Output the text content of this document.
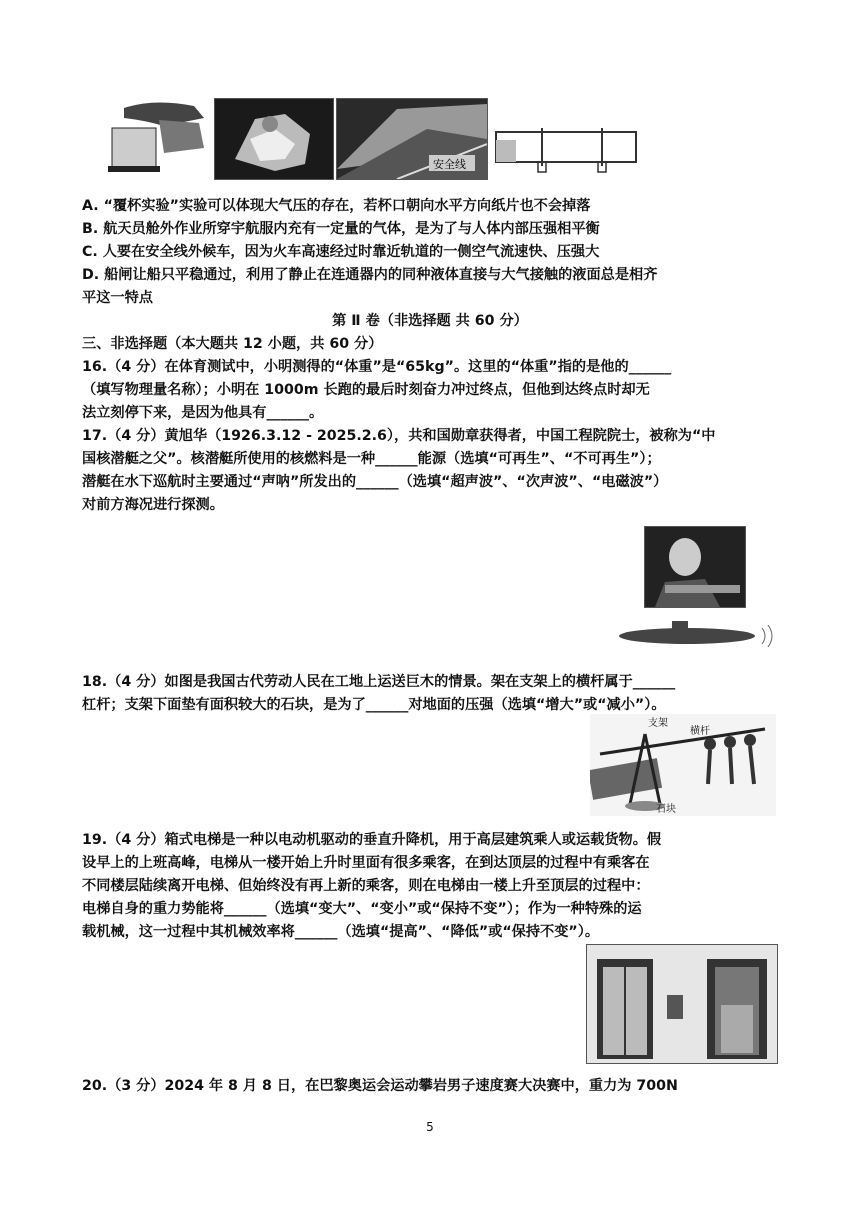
安全线
A. “覆杯实验”实验可以体现大气压的存在，若杯口朝向水平方向纸片也不会掉落
B. 航天员舱外作业所穿宇航服内充有一定量的气体，是为了与人体内部压强相平衡
C. 人要在安全线外候车，因为火车高速经过时靠近轨道的一侧空气流速快、压强大
D. 船闸让船只平稳通过，利用了静止在连通器内的同种液体直接与大气接触的液面总是相齐
平这一特点
第 Ⅱ 卷（非选择题 共 60 分）
三、非选择题（本大题共 12 小题，共 60 分）
16.（4 分）在体育测试中，小明测得的“体重”是“65kg”。这里的“体重”指的是他的______
（填写物理量名称）；小明在 1000m 长跑的最后时刻奋力冲过终点，但他到达终点时却无
法立刻停下来，是因为他具有______。
17.（4 分）黄旭华（1926.3.12 - 2025.2.6），共和国勋章获得者，中国工程院院士，被称为“中
国核潜艇之父”。核潜艇所使用的核燃料是一种______能源（选填“可再生”、“不可再生”）；
潜艇在水下巡航时主要通过“声呐”所发出的______（选填“超声波”、“次声波”、“电磁波”）
对前方海况进行探测。
18.（4 分）如图是我国古代劳动人民在工地上运送巨木的情景。架在支架上的横杆属于______
杠杆；支架下面垫有面积较大的石块，是为了______对地面的压强（选填“增大”或“减小”）。
支架
横杆
石块
19.（4 分）箱式电梯是一种以电动机驱动的垂直升降机，用于高层建筑乘人或运载货物。假
设早上的上班高峰，电梯从一楼开始上升时里面有很多乘客，在到达顶层的过程中有乘客在
不同楼层陆续离开电梯、但始终没有再上新的乘客，则在电梯由一楼上升至顶层的过程中：
电梯自身的重力势能将______（选填“变大”、“变小”或“保持不变”）；作为一种特殊的运
载机械，这一过程中其机械效率将______（选填“提高”、“降低”或“保持不变”）。
20.（3 分）2024 年 8 月 8 日，在巴黎奥运会运动攀岩男子速度赛大决赛中，重力为 700N
5
